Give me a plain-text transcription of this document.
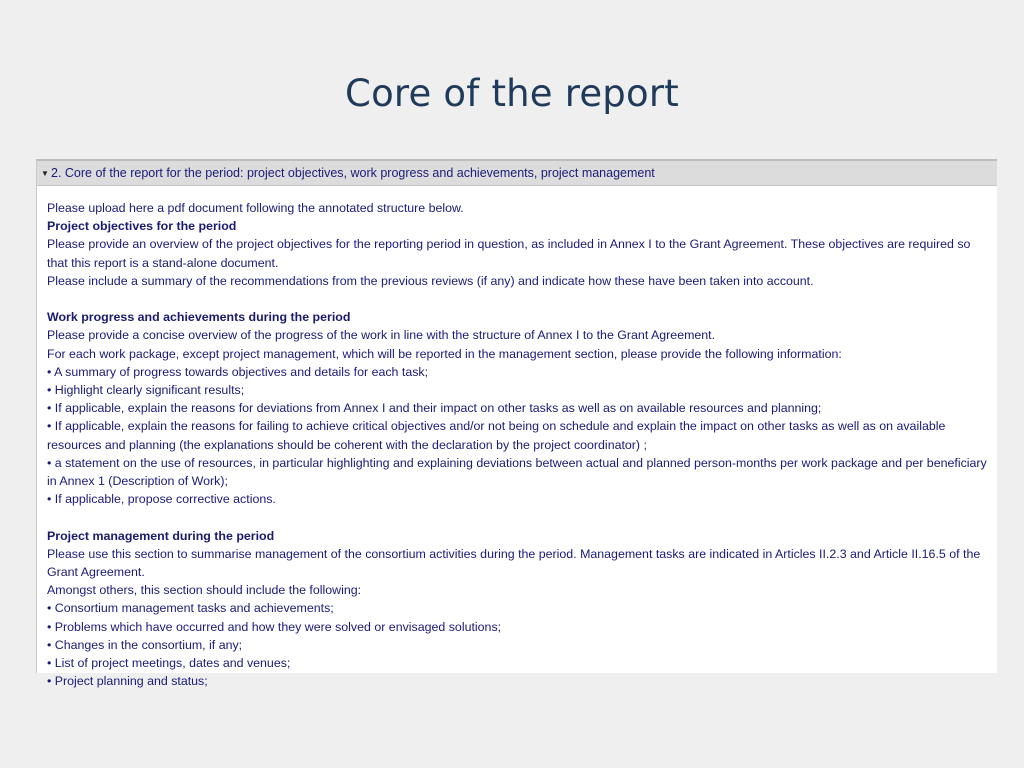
Core of the report
▼ 2. Core of the report for the period: project objectives, work progress and achievements, project management

Please upload here a pdf document following the annotated structure below.

Project objectives for the period

Please provide an overview of the project objectives for the reporting period in question, as included in Annex I to the Grant Agreement. These objectives are required so that this report is a stand-alone document.

Please include a summary of the recommendations from the previous reviews (if any) and indicate how these have been taken into account.

Work progress and achievements during the period

Please provide a concise overview of the progress of the work in line with the structure of Annex I to the Grant Agreement.

For each work package, except project management, which will be reported in the management section, please provide the following information:

• A summary of progress towards objectives and details for each task;

• Highlight clearly significant results;

• If applicable, explain the reasons for deviations from Annex I and their impact on other tasks as well as on available resources and planning;

• If applicable, explain the reasons for failing to achieve critical objectives and/or not being on schedule and explain the impact on other tasks as well as on available resources and planning (the explanations should be coherent with the declaration by the project coordinator) ;

• a statement on the use of resources, in particular highlighting and explaining deviations between actual and planned person-months per work package and per beneficiary in Annex 1 (Description of Work);

• If applicable, propose corrective actions.

Project management during the period

Please use this section to summarise management of the consortium activities during the period. Management tasks are indicated in Articles II.2.3 and Article II.16.5 of the Grant Agreement.

Amongst others, this section should include the following:

• Consortium management tasks and achievements;

• Problems which have occurred and how they were solved or envisaged solutions;

• Changes in the consortium, if any;

• List of project meetings, dates and venues;

• Project planning and status;
